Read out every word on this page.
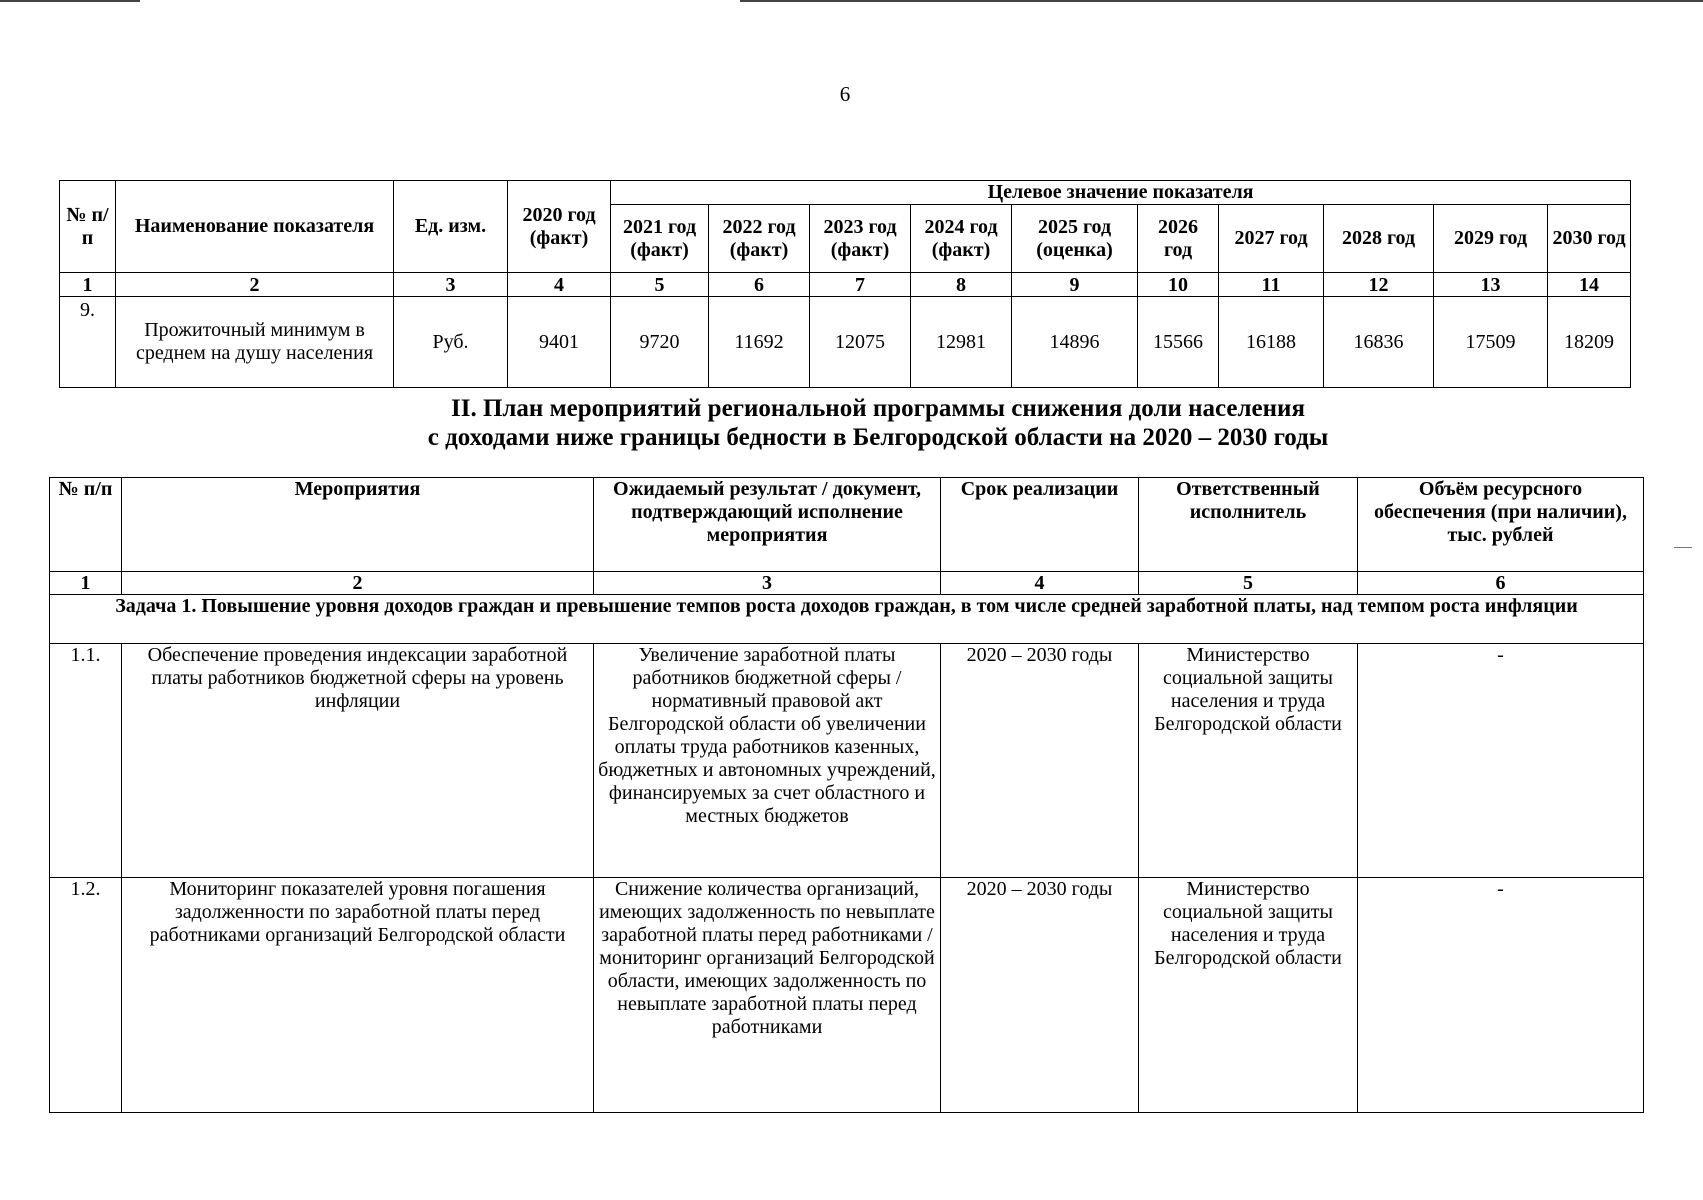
6
№ п/п	Наименование показателя	Ед. изм.	2020 год (факт)	Целевое значение показателя									
				2021 год (факт)	2022 год (факт)	2023 год (факт)	2024 год (факт)	2025 год (оценка)	2026 год	2027 год	2028 год	2029 год	2030 год
1	2	3	4	5	6	7	8	9	10	11	12	13	14
9.	Прожиточный минимум в среднем на душу населения	Руб.	9401	9720	11692	12075	12981	14896	15566	16188	16836	17509	18209
II. План мероприятий региональной программы снижения доли населения
с доходами ниже границы бедности в Белгородской области на 2020 – 2030 годы
№ п/п	Мероприятия	Ожидаемый результат / документ, подтверждающий исполнение мероприятия	Срок реализации	Ответственный исполнитель	Объём ресурсного обеспечения (при наличии), тыс. рублей
1	2	3	4	5	6
Задача 1. Повышение уровня доходов граждан и превышение темпов роста доходов граждан, в том числе средней заработной платы, над темпом роста инфляции					
1.1.	Обеспечение проведения индексации заработной платы работников бюджетной сферы на уровень инфляции	Увеличение заработной платы работников бюджетной сферы / нормативный правовой акт Белгородской области об увеличении оплаты труда работников казенных, бюджетных и автономных учреждений, финансируемых за счет областного и местных бюджетов	2020 – 2030 годы	Министерство социальной защиты населения и труда Белгородской области	-
1.2.	Мониторинг показателей уровня погашения задолженности по заработной платы перед работниками организаций Белгородской области	Снижение количества организаций, имеющих задолженность по невыплате заработной платы перед работниками / мониторинг организаций Белгородской области, имеющих задолженность по невыплате заработной платы перед работниками	2020 – 2030 годы	Министерство социальной защиты населения и труда Белгородской области	-
